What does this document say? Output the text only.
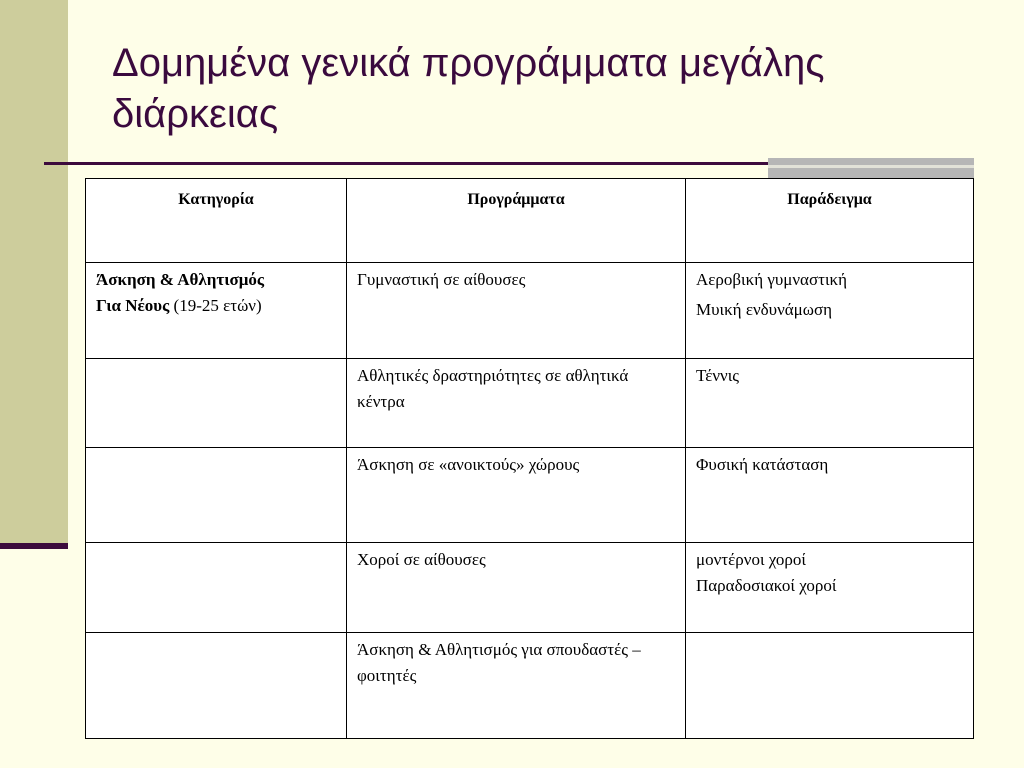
Δομημένα γενικά προγράμματα μεγάλης διάρκειας
Κατηγορία	Προγράμματα	Παράδειγμα

Άσκηση & Αθλητισμός
Για Νέους (19-25 ετών)	Γυμναστική σε αίθουσες	Αεροβική γυμναστική
Μυική ενδυνάμωση

	Αθλητικές δραστηριότητες σε αθλητικά κέντρα	Τέννις

	Άσκηση σε «ανοικτούς» χώρους	Φυσική κατάσταση

	Χοροί σε αίθουσες	μοντέρνοι χοροί
Παραδοσιακοί χοροί

	Άσκηση & Αθλητισμός για σπουδαστές – φοιτητές	
